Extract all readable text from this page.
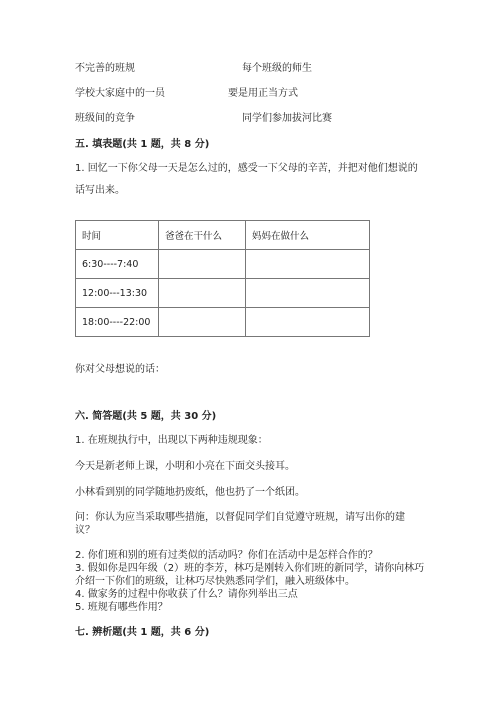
不完善的班规	每个班级的师生
学校大家庭中的一员	要是用正当方式
班级间的竞争	同学们参加拔河比赛
五. 填表题(共 1 题，共 8 分)
1. 回忆一下你父母一天是怎么过的，感受一下父母的辛苦，并把对他们想说的
话写出来。
时间	爸爸在干什么	妈妈在做什么
6:30----7:40		
12:00---13:30		
18:00----22:00		
你对父母想说的话：
六. 简答题(共 5 题，共 30 分)
1. 在班规执行中，出现以下两种违规现象：
今天是新老师上课，小明和小亮在下面交头接耳。
小林看到别的同学随地扔废纸，他也扔了一个纸团。
问：你认为应当采取哪些措施，以督促同学们自觉遵守班规，请写出你的建
议？
2. 你们班和别的班有过类似的活动吗？你们在活动中是怎样合作的？
3. 假如你是四年级（2）班的李芳，林巧是刚转入你们班的新同学，请你向林巧
介绍一下你们的班级，让林巧尽快熟悉同学们，融入班级体中。
4. 做家务的过程中你收获了什么？请你列举出三点
5. 班规有哪些作用？
七. 辨析题(共 1 题，共 6 分)
